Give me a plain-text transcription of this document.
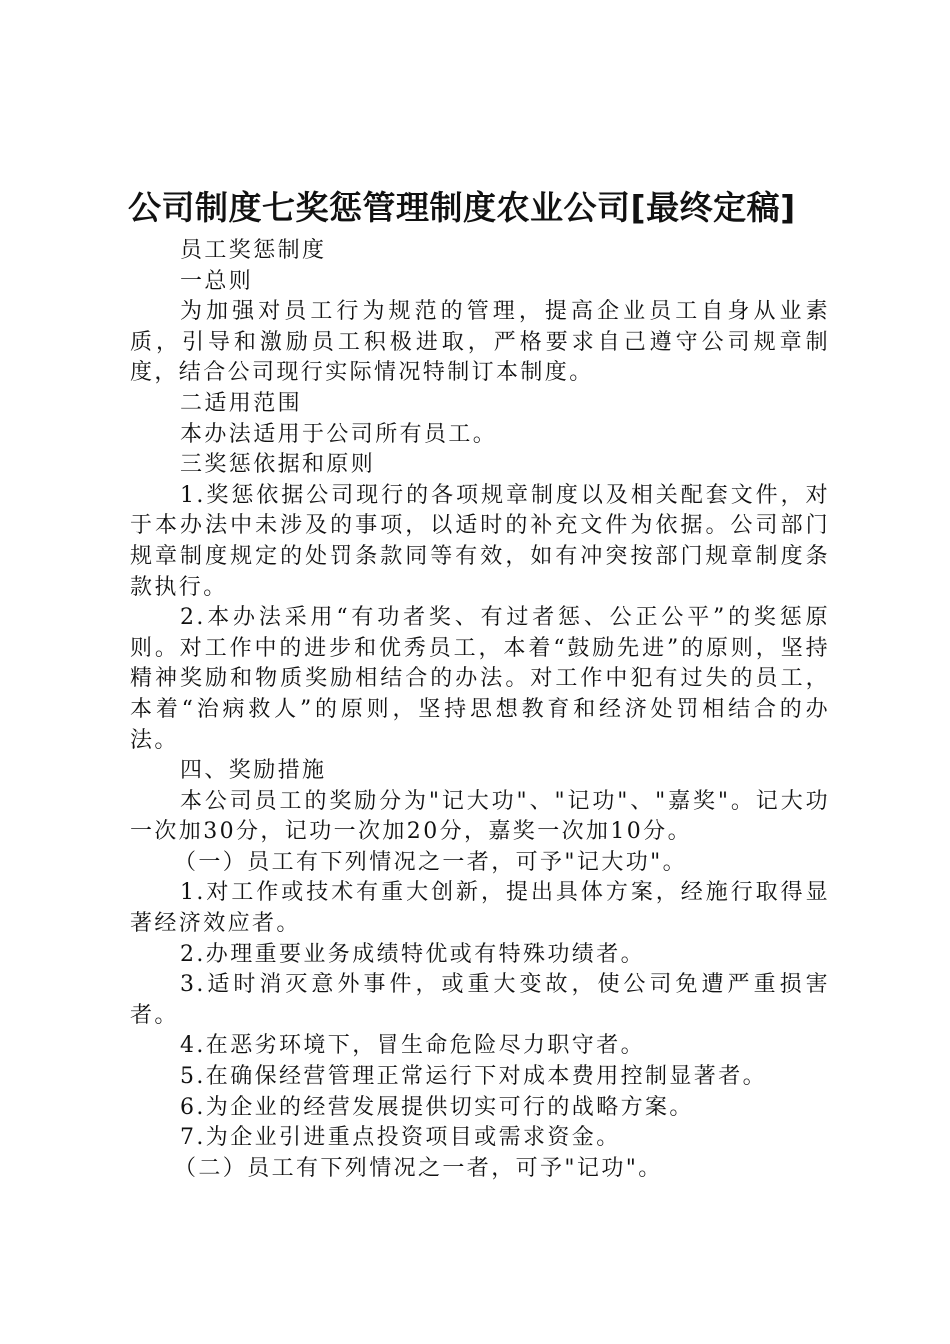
公司制度七奖惩管理制度农业公司[最终定稿]

员工奖惩制度

一总则

为加强对员工行为规范的管理，提高企业员工自身从业素质，引导和激励员工积极进取，严格要求自己遵守公司规章制度，结合公司现行实际情况特制订本制度。

二适用范围

本办法适用于公司所有员工。

三奖惩依据和原则

1.奖惩依据公司现行的各项规章制度以及相关配套文件，对于本办法中未涉及的事项，以适时的补充文件为依据。公司部门规章制度规定的处罚条款同等有效，如有冲突按部门规章制度条款执行。

2.本办法采用“有功者奖、有过者惩、公正公平”的奖惩原则。对工作中的进步和优秀员工，本着“鼓励先进”的原则，坚持精神奖励和物质奖励相结合的办法。对工作中犯有过失的员工，本着“治病救人”的原则，坚持思想教育和经济处罚相结合的办法。

四、奖励措施

本公司员工的奖励分为"记大功"、"记功"、"嘉奖"。记大功一次加30分，记功一次加20分，嘉奖一次加10分。

（一）员工有下列情况之一者，可予"记大功"。

1.对工作或技术有重大创新，提出具体方案，经施行取得显著经济效应者。

2.办理重要业务成绩特优或有特殊功绩者。

3.适时消灭意外事件，或重大变故，使公司免遭严重损害者。

4.在恶劣环境下，冒生命危险尽力职守者。

5.在确保经营管理正常运行下对成本费用控制显著者。

6.为企业的经营发展提供切实可行的战略方案。

7.为企业引进重点投资项目或需求资金。

（二）员工有下列情况之一者，可予"记功"。
